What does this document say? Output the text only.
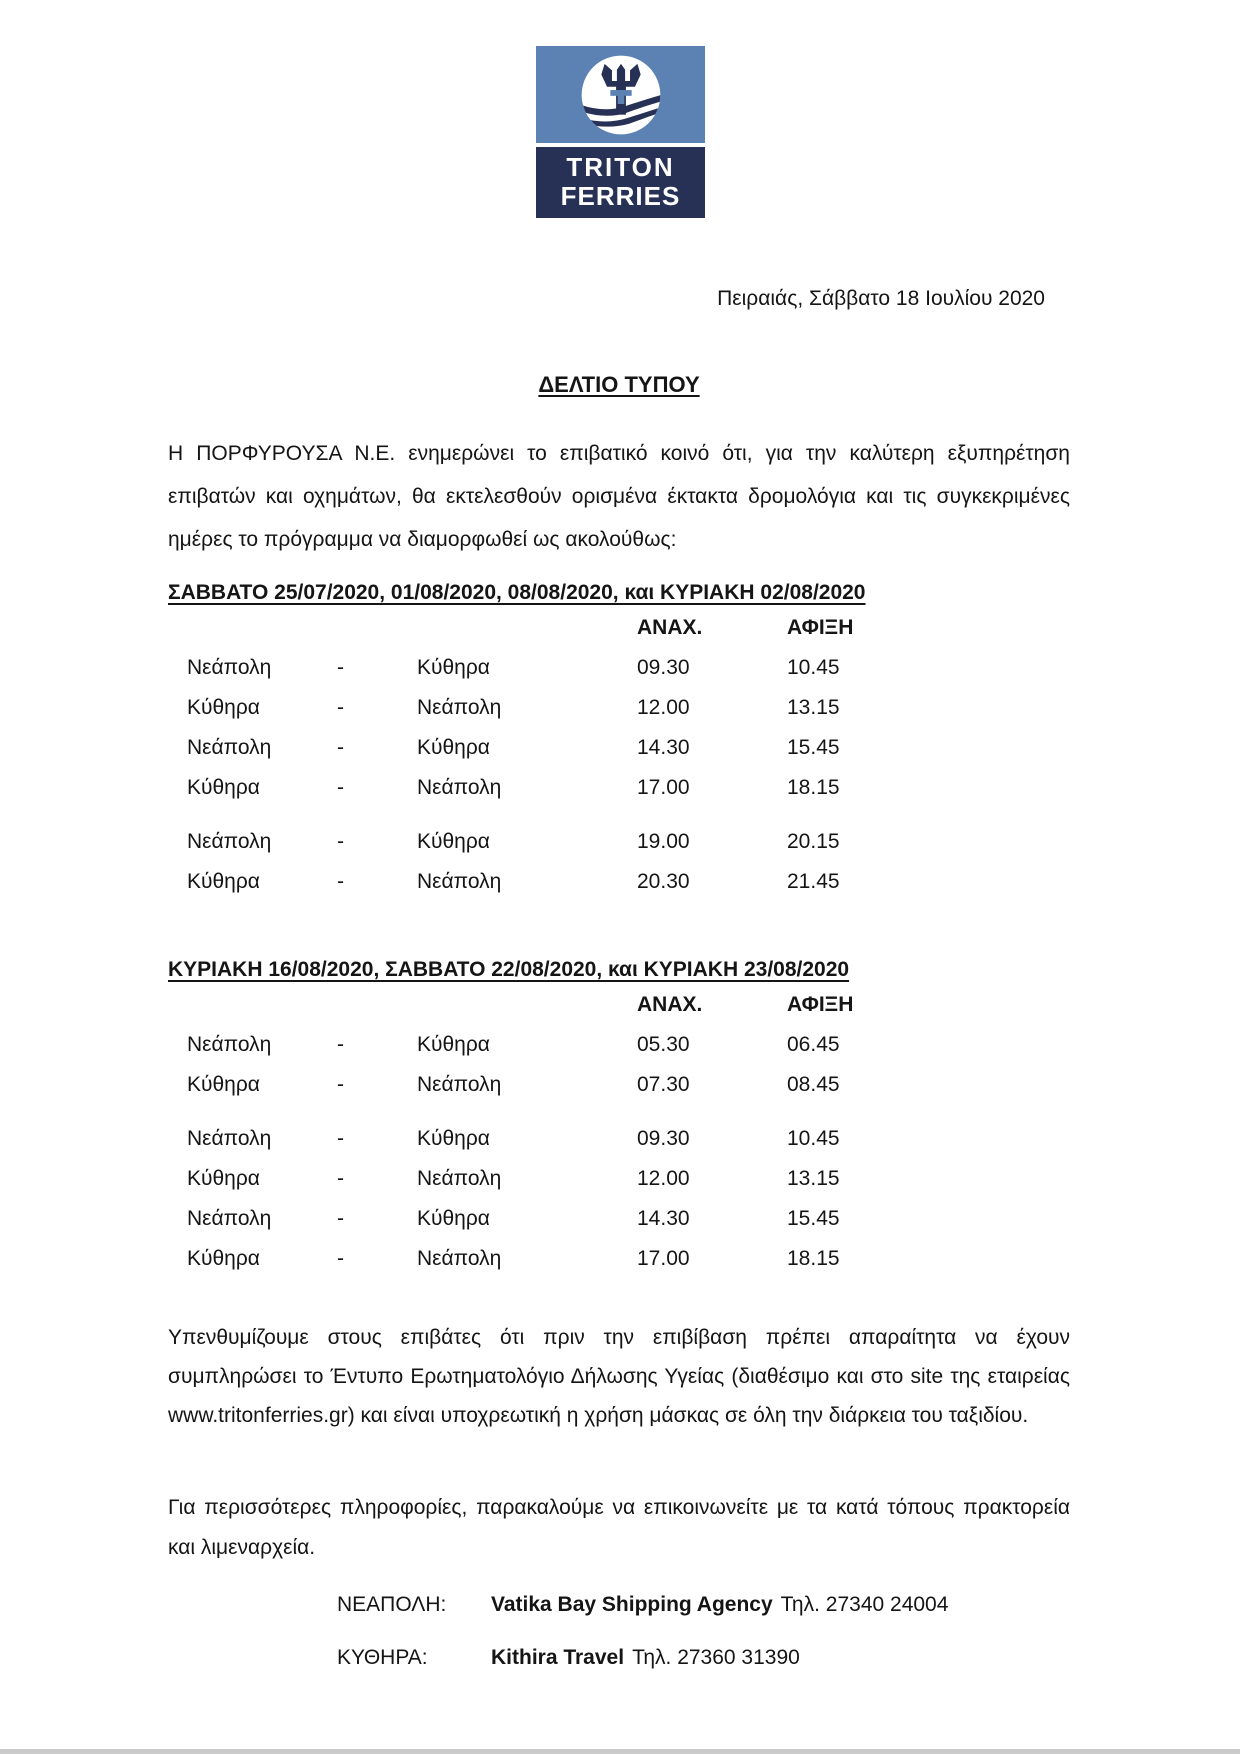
TRITON
FERRIES
Πειραιάς, Σάββατο 18 Ιουλίου 2020
ΔΕΛΤΙΟ ΤΥΠΟΥ
Η ΠΟΡΦΥΡΟΥΣΑ Ν.Ε. ενημερώνει το επιβατικό κοινό ότι, για την καλύτερη εξυπηρέτηση επιβατών και οχημάτων, θα εκτελεσθούν ορισμένα έκτακτα δρομολόγια και τις συγκεκριμένες ημέρες το πρόγραμμα να διαμορφωθεί ως ακολούθως:
ΣΑΒΒΑΤΟ 25/07/2020, 01/08/2020, 08/08/2020, και ΚΥΡΙΑΚΗ 02/08/2020
ΑΝΑΧ.	ΑΦΙΞΗ
Νεάπολη	-	Κύθηρα	09.30	10.45
Κύθηρα	-	Νεάπολη	12.00	13.15
Νεάπολη	-	Κύθηρα	14.30	15.45
Κύθηρα	-	Νεάπολη	17.00	18.15
Νεάπολη	-	Κύθηρα	19.00	20.15
Κύθηρα	-	Νεάπολη	20.30	21.45
ΚΥΡΙΑΚΗ 16/08/2020, ΣΑΒΒΑΤΟ 22/08/2020, και ΚΥΡΙΑΚΗ 23/08/2020
ΑΝΑΧ.	ΑΦΙΞΗ
Νεάπολη	-	Κύθηρα	05.30	06.45
Κύθηρα	-	Νεάπολη	07.30	08.45
Νεάπολη	-	Κύθηρα	09.30	10.45
Κύθηρα	-	Νεάπολη	12.00	13.15
Νεάπολη	-	Κύθηρα	14.30	15.45
Κύθηρα	-	Νεάπολη	17.00	18.15
Υπενθυμίζουμε στους επιβάτες ότι πριν την επιβίβαση πρέπει απαραίτητα να έχουν συμπληρώσει το Έντυπο Ερωτηματολόγιο Δήλωσης Υγείας (διαθέσιμο και στο site της εταιρείας www.tritonferries.gr) και είναι υποχρεωτική η χρήση μάσκας σε όλη την διάρκεια του ταξιδίου.
Για περισσότερες πληροφορίες, παρακαλούμε να επικοινωνείτε με τα κατά τόπους πρακτορεία και λιμεναρχεία.
ΝΕΑΠΟΛΗ:	Vatika Bay Shipping Agency Τηλ. 27340 24004
ΚΥΘΗΡΑ:	Kithira Travel Τηλ. 27360 31390
